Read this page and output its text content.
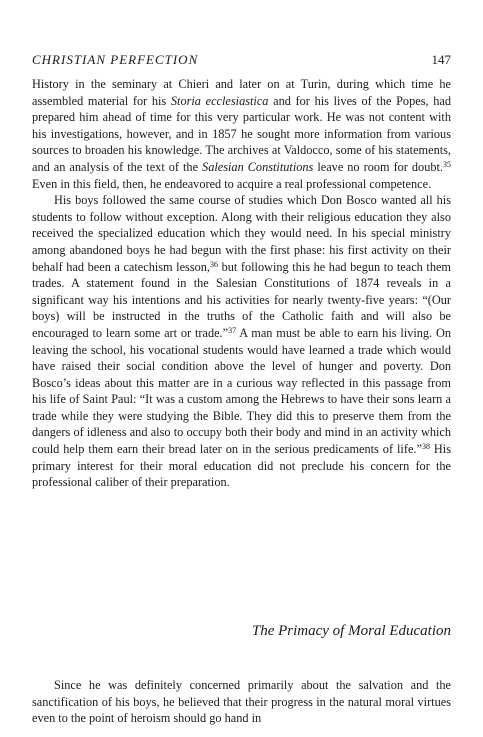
CHRISTIAN PERFECTION	147

History in the seminary at Chieri and later on at Turin, during which time he assembled material for his Storia ecclesiastica and for his lives of the Popes, had prepared him ahead of time for this very particular work. He was not content with his investigations, however, and in 1857 he sought more information from various sources to broaden his knowledge. The archives at Valdocco, some of his statements, and an analysis of the text of the Salesian Constitutions leave no room for doubt.$^{35}$ Even in this field, then, he endeavored to acquire a real professional competence.

His boys followed the same course of studies which Don Bosco wanted all his students to follow without exception. Along with their religious education they also received the specialized education which they would need. In his special ministry among abandoned boys he had begun with the first phase: his first activity on their behalf had been a catechism lesson,$^{36}$ but following this he had begun to teach them trades. A statement found in the Salesian Constitutions of 1874 reveals in a significant way his intentions and his activities for nearly twenty-five years: “(Our boys) will be instructed in the truths of the Catholic faith and will also be encouraged to learn some art or trade.”$^{37}$ A man must be able to earn his living. On leaving the school, his vocational students would have learned a trade which would have raised their social condition above the level of hunger and poverty. Don Bosco’s ideas about this matter are in a curious way reflected in this passage from his life of Saint Paul: “It was a custom among the Hebrews to have their sons learn a trade while they were studying the Bible. They did this to preserve them from the dangers of idleness and also to occupy both their body and mind in an activity which could help them earn their bread later on in the serious predicaments of life.”$^{38}$ His primary interest for their moral education did not preclude his concern for the professional caliber of their preparation.

The Primacy of Moral Education

Since he was definitely concerned primarily about the salvation and the sanctification of his boys, he believed that their progress in the natural moral virtues even to the point of heroism should go hand in
